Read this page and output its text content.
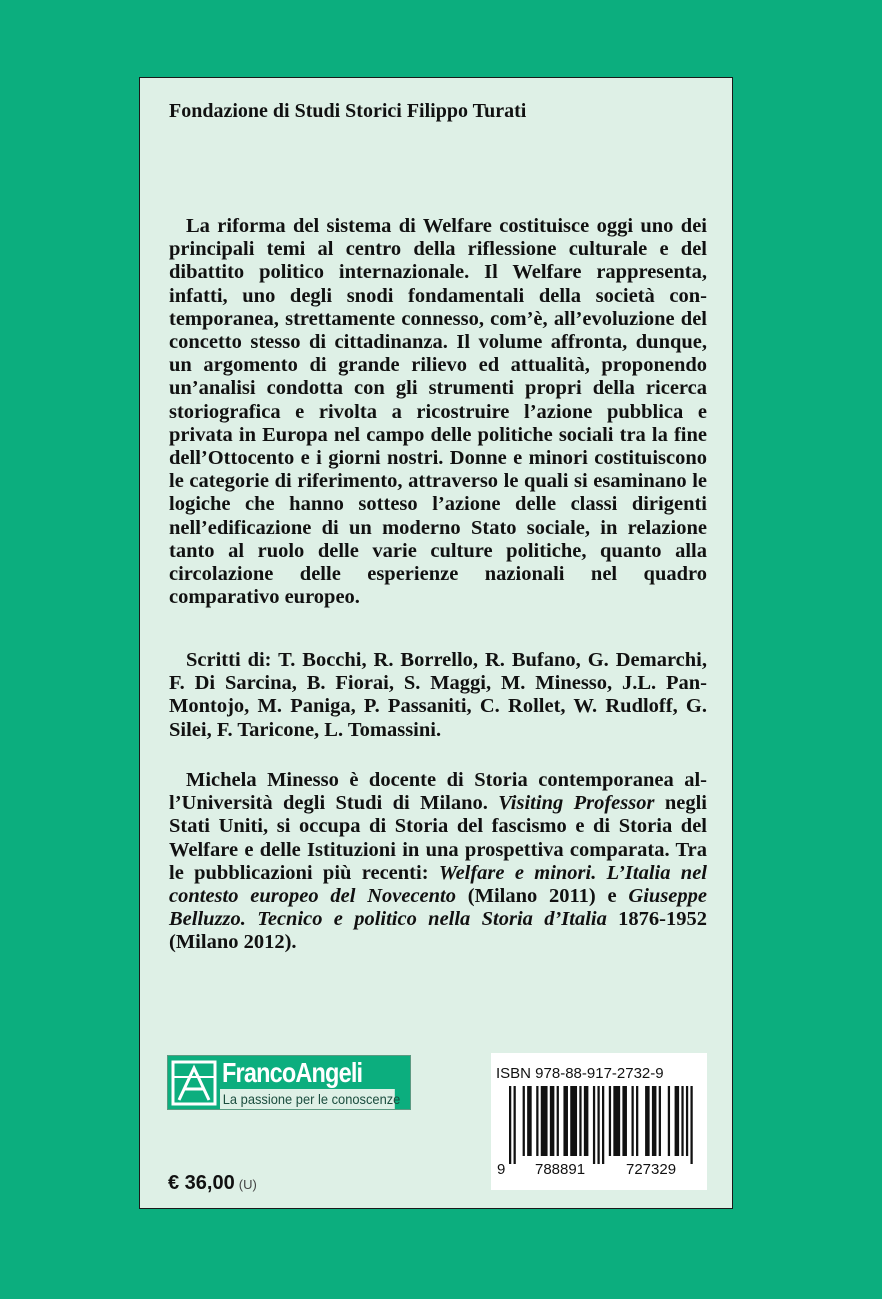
Fondazione di Studi Storici Filippo Turati

La riforma del sistema di Welfare costituisce oggi uno dei principali temi al centro della riflessione culturale e del dibattito politico internazionale. Il Welfare rappresenta, infatti, uno degli snodi fondamentali della società contemporanea, strettamente connesso, com’è, all’evoluzione del concetto stesso di cittadinanza. Il volume affronta, dunque, un argomento di grande rilievo ed attualità, proponendo un’analisi condotta con gli strumenti propri della ricerca storiografica e rivolta a ricostruire l’azione pubblica e privata in Europa nel campo delle politiche sociali tra la fine dell’Ottocento e i giorni nostri. Donne e minori costituiscono le categorie di riferimento, attraverso le quali si esaminano le logiche che hanno sotteso l’azione delle classi dirigenti nell’edificazione di un moderno Stato sociale, in relazione tanto al ruolo delle varie culture politiche, quanto alla circolazione delle esperienze nazionali nel quadro comparativo europeo.

Scritti di: T. Bocchi, R. Borrello, R. Bufano, G. Demarchi, F. Di Sarcina, B. Fiorai, S. Maggi, M. Minesso, J.L. Pan-Montojo, M. Paniga, P. Passaniti, C. Rollet, W. Rudloff, G. Silei, F. Taricone, L. Tomassini.

Michela Minesso è docente di Storia contemporanea all’Università degli Studi di Milano. Visiting Professor negli Stati Uniti, si occupa di Storia del fascismo e di Storia del Welfare e delle Istituzioni in una prospettiva comparata. Tra le pubblicazioni più recenti: Welfare e minori. L’Italia nel contesto europeo del Novecento (Milano 2011) e Giuseppe Belluzzo. Tecnico e politico nella Storia d’Italia 1876-1952 (Milano 2012).

FrancoAngeli
La passione per le conoscenze
ISBN 978-88-917-2732-9
9 788891	727329
€ 36,00 (U)
